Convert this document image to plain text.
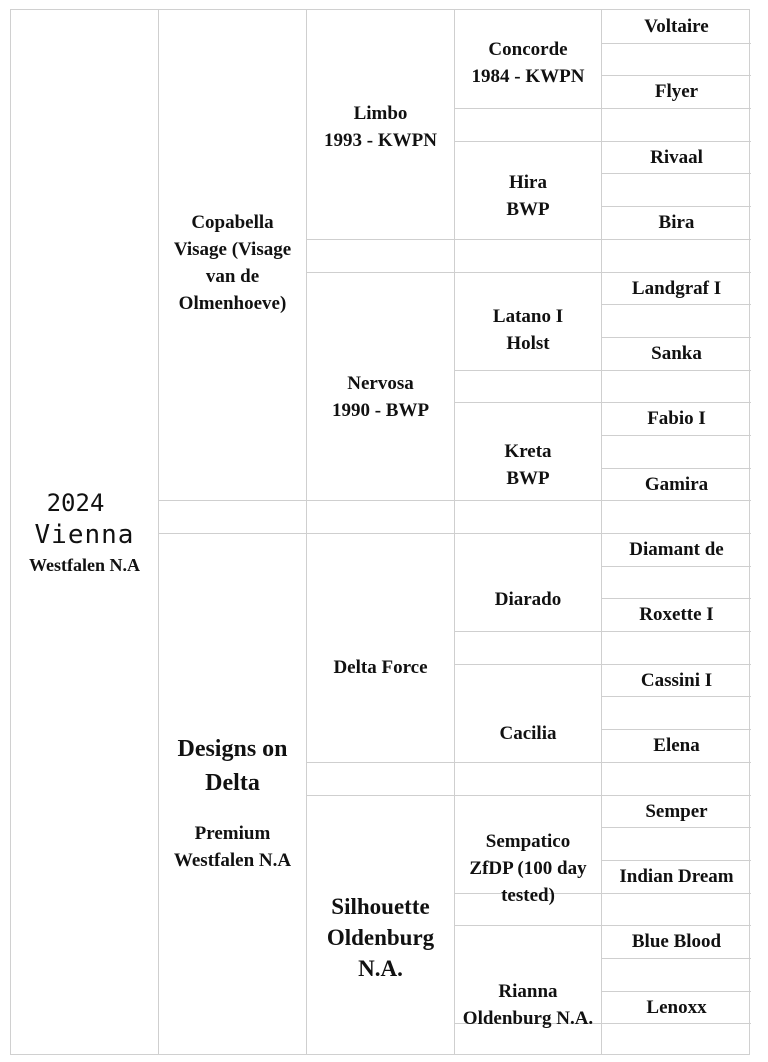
2024
Vienna
Westfalen N.A
Copabella Visage (Visage van de Olmenhoeve)
Designs on Delta
Premium Westfalen N.A
Limbo
1993 - KWPN
Nervosa
1990 - BWP
Delta Force
Silhouette
Oldenburg N.A.
Concorde
1984 - KWPN
Hira
BWP
Latano I
Holst
Kreta
BWP
Diarado
Cacilia
Sempatico
ZfDP (100 day tested)
Rianna
Oldenburg N.A.
Voltaire
Flyer
Rivaal
Bira
Landgraf I
Sanka
Fabio I
Gamira
Diamant de
Roxette I
Cassini I
Elena
Semper
Indian Dream
Blue Blood
Lenoxx
